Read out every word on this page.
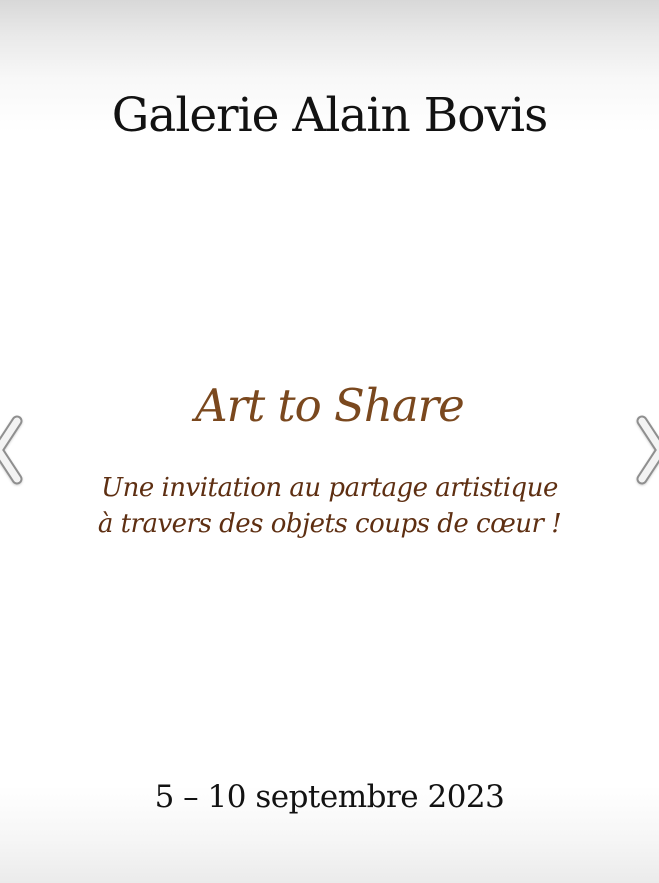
Galerie Alain Bovis
Art to Share
Une invitation au partage artistique
à travers des objets coups de cœur !
5 – 10 septembre 2023
